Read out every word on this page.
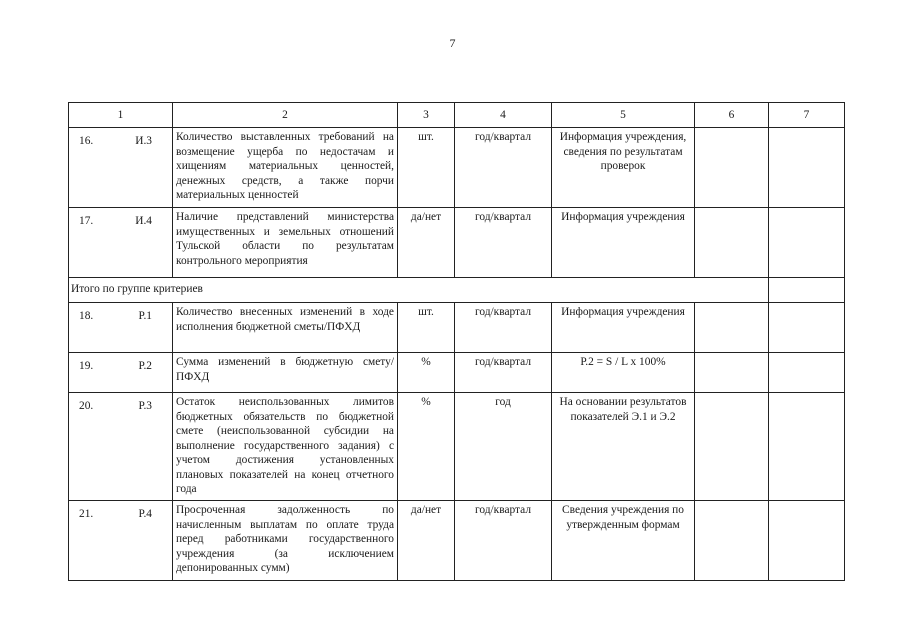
7
1	2	3	4	5	6	7

16. И.3	Количество выставленных требований на возмещение ущерба по недостачам и хищениям материальных ценностей, денежных средств, а также порчи материальных ценностей	шт.	год/квартал	Информация учреждения, сведения по результатам проверок		

17. И.4	Наличие представлений министерства имущественных и земельных отношений Тульской области по результатам контрольного мероприятия	да/нет	год/квартал	Информация учреждения		
Итого по группе критериев						

18. Р.1	Количество внесенных изменений в ходе исполнения бюджетной сметы/ПФХД	шт.	год/квартал	Информация учреждения		

19. Р.2	Сумма изменений в бюджетную смету/ПФХД	%	год/квартал	Р.2 = S / L x 100%		

20. Р.3	Остаток неиспользованных лимитов бюджетных обязательств по бюджетной смете (неиспользованной субсидии на выполнение государственного задания) с учетом достижения установленных плановых показателей на конец отчетного года	%	год	На основании результатов показателей Э.1 и Э.2		

21. Р.4	Просроченная задолженность по начисленным выплатам по оплате труда перед работниками государственного учреждения (за исключением депонированных сумм)	да/нет	год/квартал	Сведения учреждения по утвержденным формам		
